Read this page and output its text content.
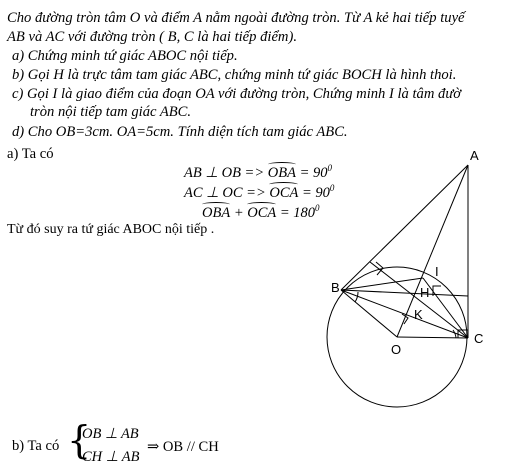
Cho đường tròn tâm O và điểm A nằm ngoài đường tròn. Từ A kẻ hai tiếp tuyế
AB và AC với đường tròn ( B, C là hai tiếp điểm).
a) Chứng minh tứ giác ABOC nội tiếp.
b) Gọi H là trực tâm tam giác ABC, chứng minh tứ giác BOCH là hình thoi.
c) Gọi I là giao điểm của đoạn OA với đường tròn, Chứng minh I là tâm đườ
tròn nội tiếp tam giác ABC.
d) Cho OB=3cm. OA=5cm. Tính diện tích tam giác ABC.
a) Ta có
AB ⊥ OB => OBA = $90^0$
AC ⊥ OC => OCA = $90^0$
OBA + OCA = $180^0$
Từ đó suy ra tứ giác ABOC nội tiếp .
A
B
C
O
H
I
K
b) Ta có {
OB ⊥ AB
CH ⊥ AB
⇒ OB // CH
